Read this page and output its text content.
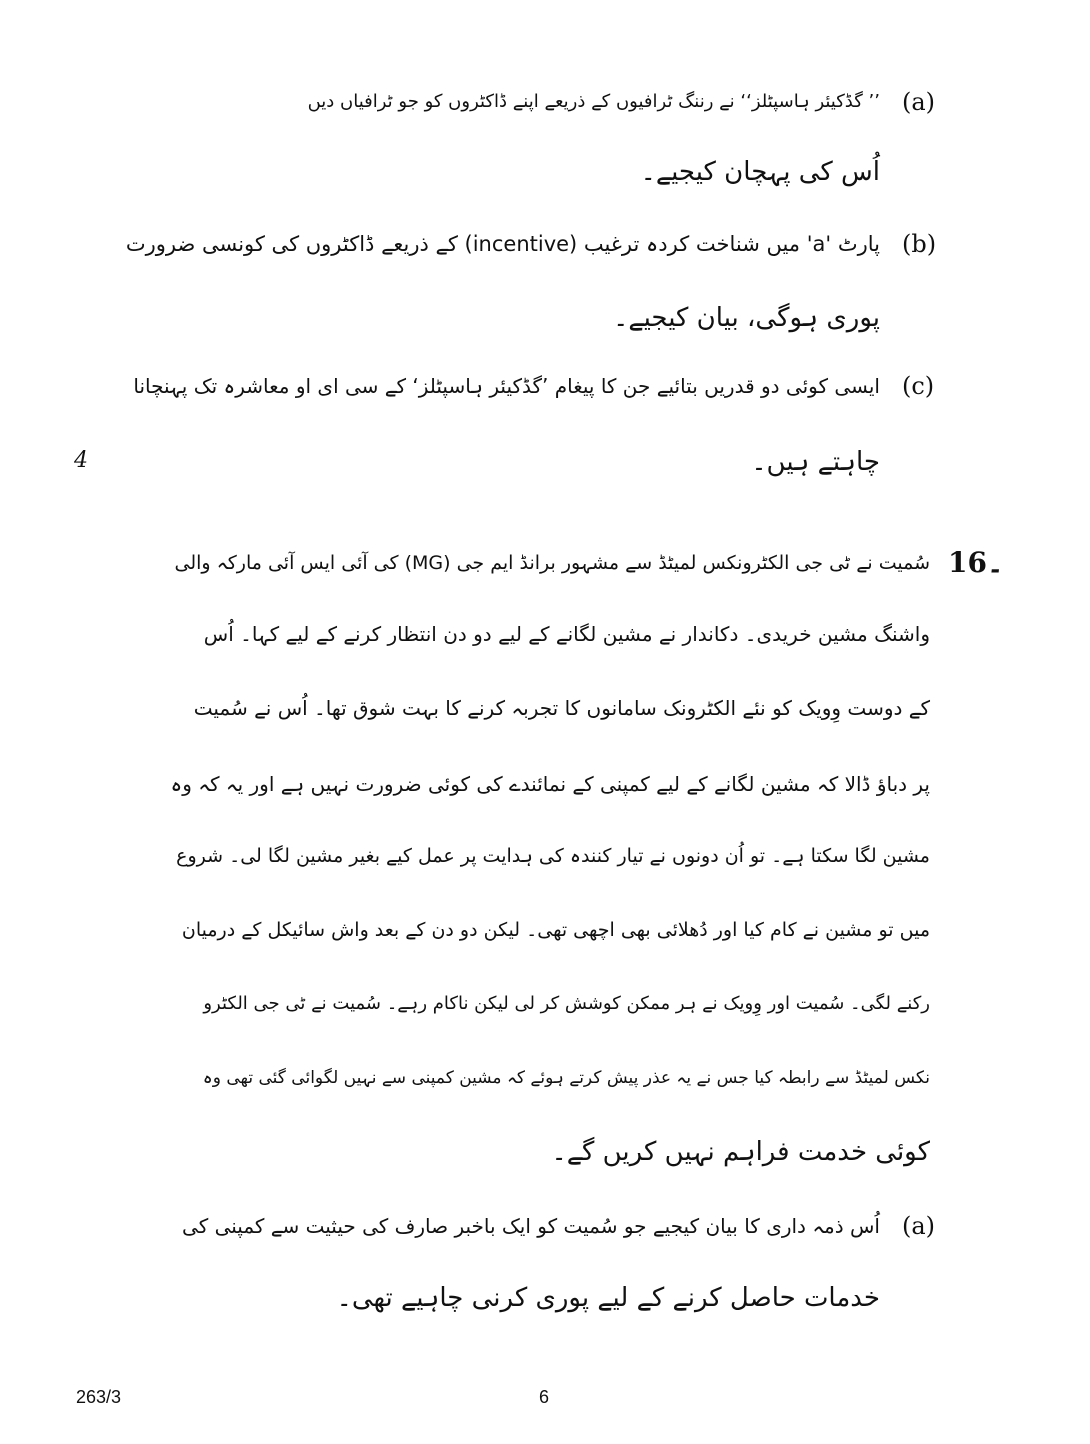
’’ گڈکیئر ہاسپٹلز‘‘ نے رننگ ٹرافیوں کے ذریعے اپنے ڈاکٹروں کو جو ٹرافیاں دیں (a)
اُس کی پہچان کیجیے۔
پارٹ 'a' میں شناخت کردہ ترغیب (incentive) کے ذریعے ڈاکٹروں کی کونسی ضرورت (b)
پوری ہوگی، بیان کیجیے۔
ایسی کوئی دو قدریں بتائیے جن کا پیغام ’گڈکیئر ہاسپٹلز‘ کے سی ای او معاشرہ تک پہنچانا (c)
چاہتے ہیں۔
4
16۔
سُمیت نے ٹی جی الکٹرونکس لمیٹڈ سے مشہور برانڈ ایم جی (MG) کی آئی ایس آئی مارکہ والی
واشنگ مشین خریدی۔ دکاندار نے مشین لگانے کے لیے دو دن انتظار کرنے کے لیے کہا۔ اُس
کے دوست وِویک کو نئے الکٹرونک سامانوں کا تجربہ کرنے کا بہت شوق تھا۔ اُس نے سُمیت
پر دباؤ ڈالا کہ مشین لگانے کے لیے کمپنی کے نمائندے کی کوئی ضرورت نہیں ہے اور یہ کہ وہ
مشین لگا سکتا ہے۔ تو اُن دونوں نے تیار کنندہ کی ہدایت پر عمل کیے بغیر مشین لگا لی۔ شروع
میں تو مشین نے کام کیا اور دُھلائی بھی اچھی تھی۔ لیکن دو دن کے بعد واش سائیکل کے درمیان
رکنے لگی۔ سُمیت اور وِویک نے ہر ممکن کوشش کر لی لیکن ناکام رہے۔ سُمیت نے ٹی جی الکٹرو
نکس لمیٹڈ سے رابطہ کیا جس نے یہ عذر پیش کرتے ہوئے کہ مشین کمپنی سے نہیں لگوائی گئی تھی وہ
کوئی خدمت فراہم نہیں کریں گے۔
اُس ذمہ داری کا بیان کیجیے جو سُمیت کو ایک باخبر صارف کی حیثیت سے کمپنی کی (a)
خدمات حاصل کرنے کے لیے پوری کرنی چاہیے تھی۔
263/3	6
